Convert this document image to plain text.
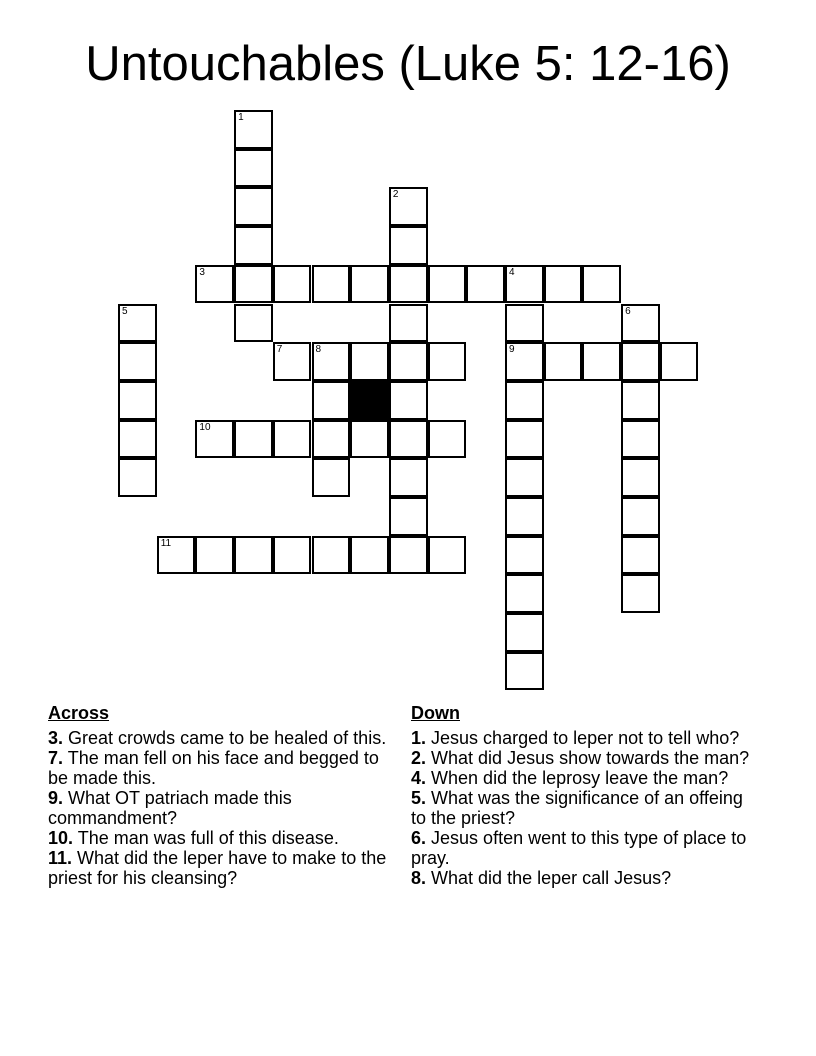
Untouchables (Luke 5: 12-16)
1
2
3	4
5	6
7	8	9
10
11
Across
3. Great crowds came to be healed of this.
7. The man fell on his face and begged to be made this.
9. What OT patriach made this commandment?
10. The man was full of this disease.
11. What did the leper have to make to the priest for his cleansing?
Down
1. Jesus charged to leper not to tell who?
2. What did Jesus show towards the man?
4. When did the leprosy leave the man?
5. What was the significance of an offeing to the priest?
6. Jesus often went to this type of place to pray.
8. What did the leper call Jesus?
